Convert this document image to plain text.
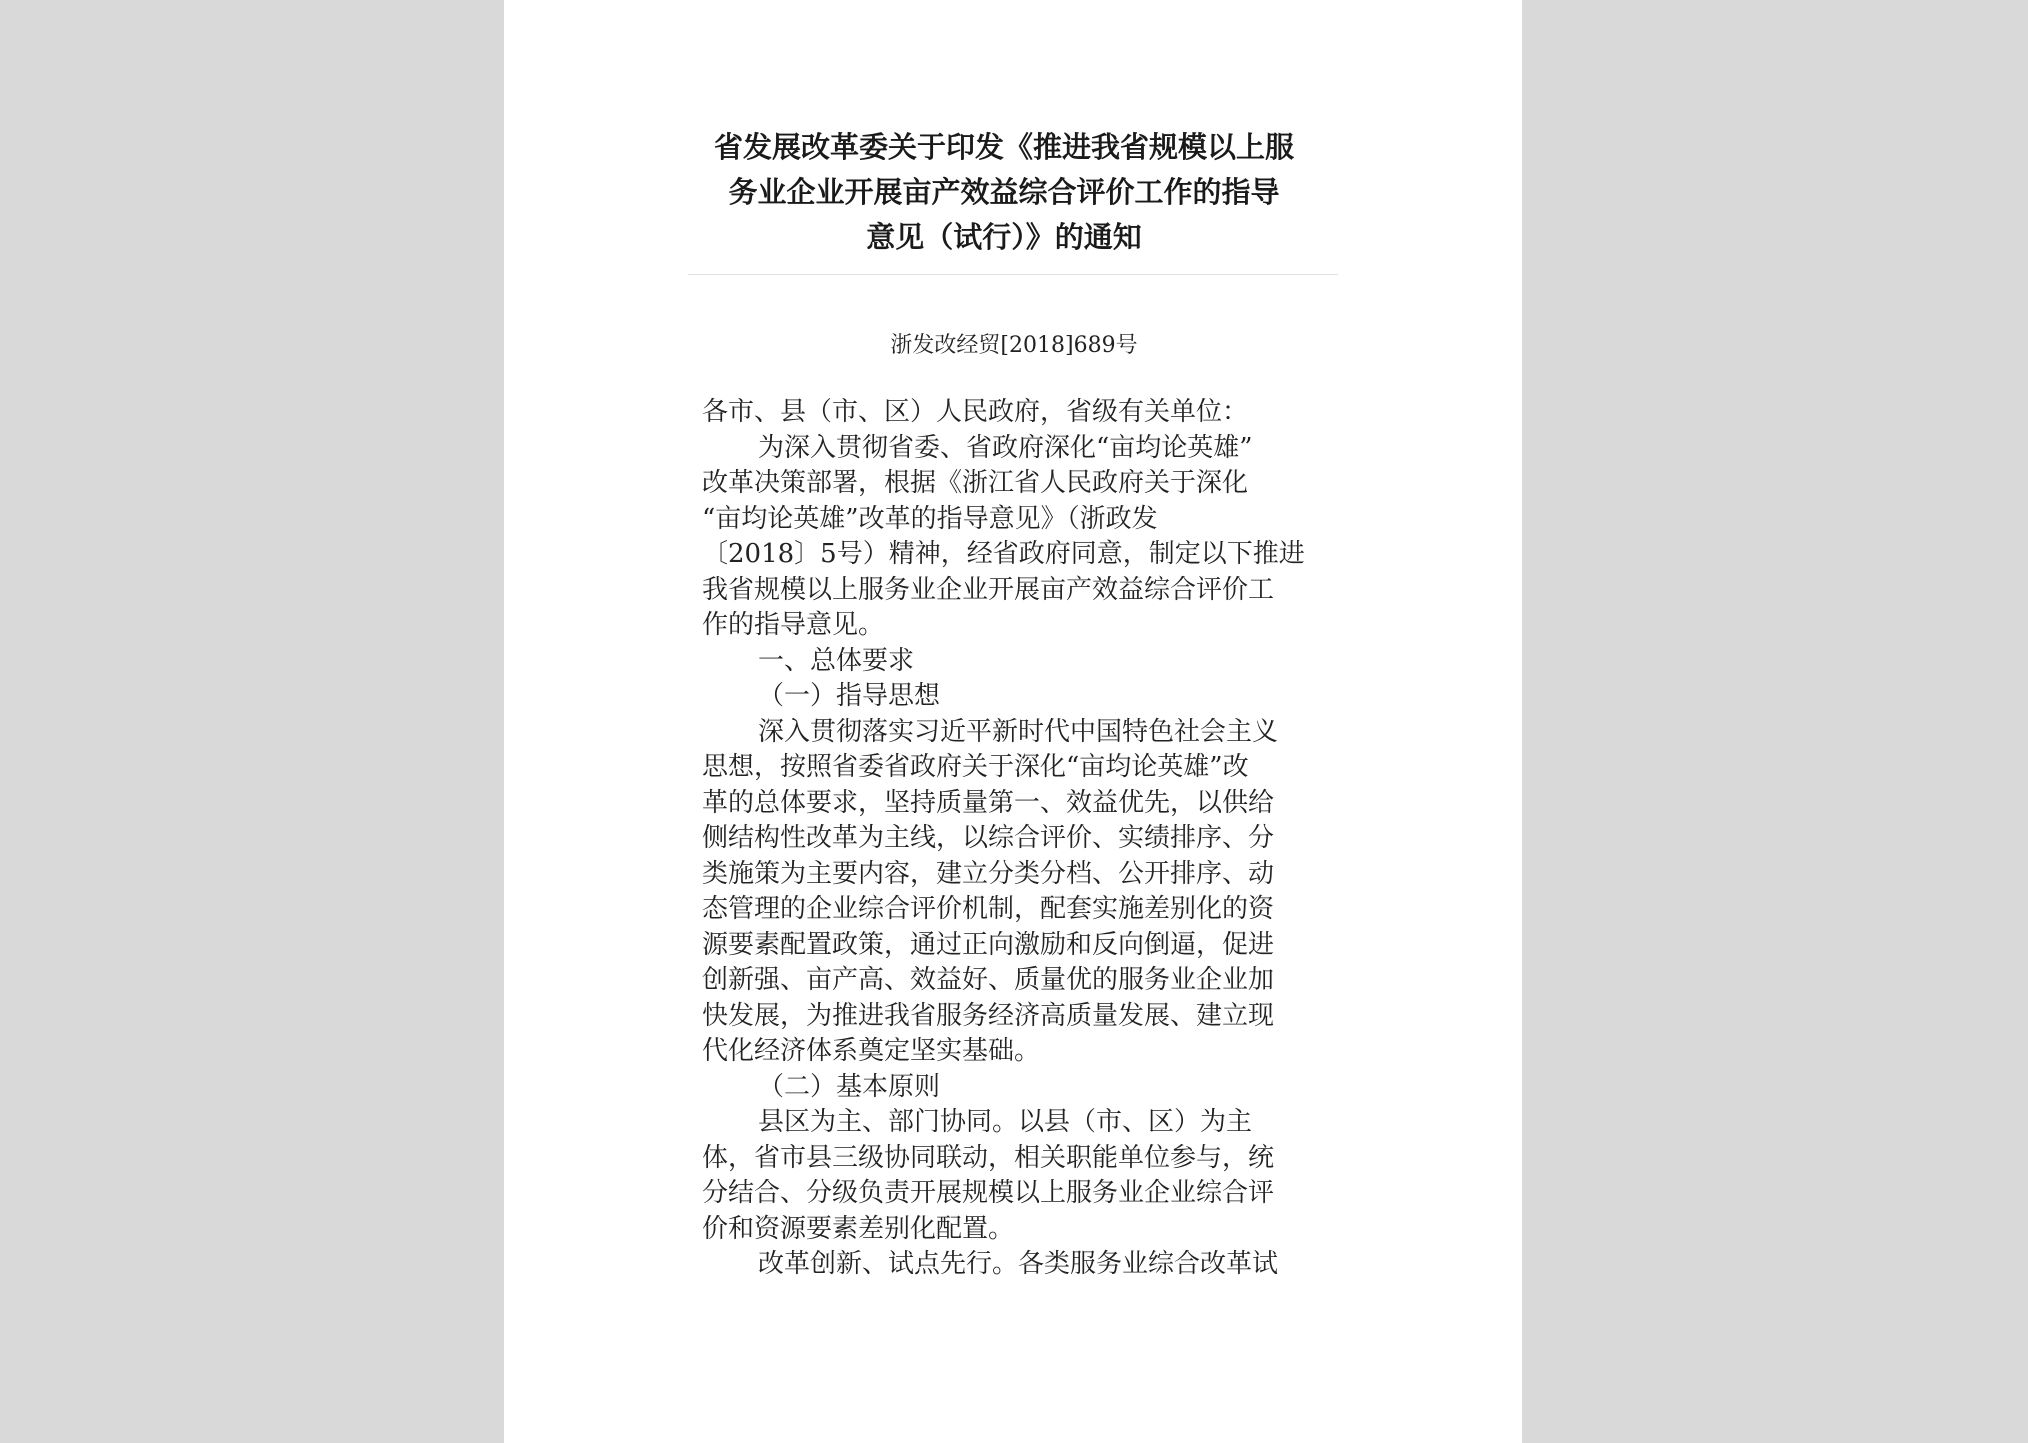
省发展改革委关于印发《推进我省规模以上服
务业企业开展亩产效益综合评价工作的指导
意见（试行）》的通知
浙发改经贸[2018]689号
各市、县（市、区）人民政府，省级有关单位：
为深入贯彻省委、省政府深化“亩均论英雄”
改革决策部署，根据《浙江省人民政府关于深化
“亩均论英雄”改革的指导意见》（浙政发
〔2018〕5号）精神，经省政府同意，制定以下推进
我省规模以上服务业企业开展亩产效益综合评价工
作的指导意见。
一、总体要求
（一）指导思想
深入贯彻落实习近平新时代中国特色社会主义
思想，按照省委省政府关于深化“亩均论英雄”改
革的总体要求，坚持质量第一、效益优先，以供给
侧结构性改革为主线，以综合评价、实绩排序、分
类施策为主要内容，建立分类分档、公开排序、动
态管理的企业综合评价机制，配套实施差别化的资
源要素配置政策，通过正向激励和反向倒逼，促进
创新强、亩产高、效益好、质量优的服务业企业加
快发展，为推进我省服务经济高质量发展、建立现
代化经济体系奠定坚实基础。
（二）基本原则
县区为主、部门协同。以县（市、区）为主
体，省市县三级协同联动，相关职能单位参与，统
分结合、分级负责开展规模以上服务业企业综合评
价和资源要素差别化配置。
改革创新、试点先行。各类服务业综合改革试
